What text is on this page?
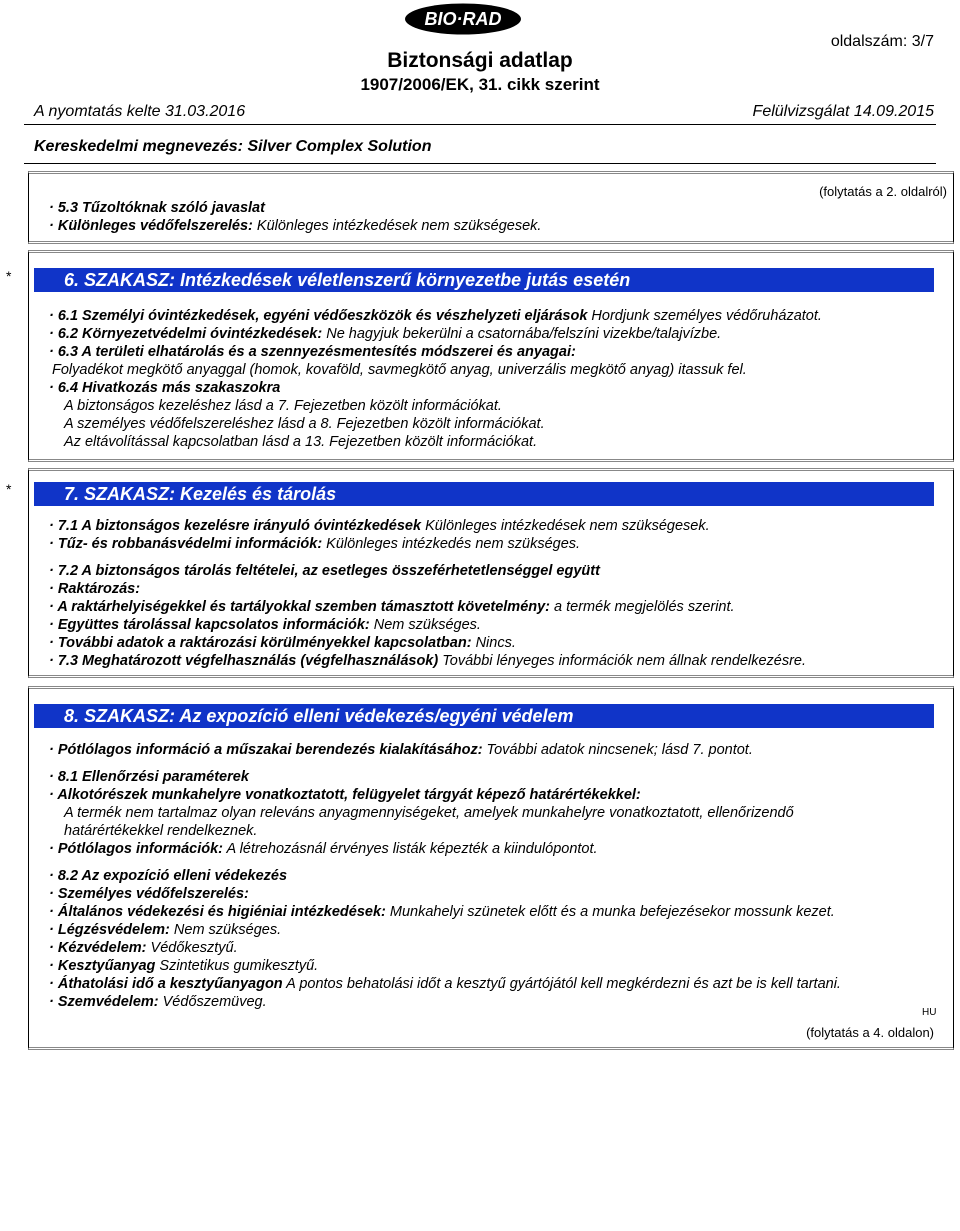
BIO·RAD
oldalszám: 3/7
Biztonsági adatlap
1907/2006/EK, 31. cikk szerint
A nyomtatás kelte 31.03.2016	Felülvizsgálat 14.09.2015
Kereskedelmi megnevezés: Silver Complex Solution
(folytatás a 2. oldalról)
· 5.3 Tűzoltóknak szóló javaslat
· Különleges védőfelszerelés: Különleges intézkedések nem szükségesek.
*	6. SZAKASZ: Intézkedések véletlenszerű környezetbe jutás esetén
· 6.1 Személyi óvintézkedések, egyéni védőeszközök és vészhelyzeti eljárások Hordjunk személyes védőruházatot.
· 6.2 Környezetvédelmi óvintézkedések: Ne hagyjuk bekerülni a csatornába/felszíni vizekbe/talajvízbe.
· 6.3 A területi elhatárolás és a szennyezésmentesítés módszerei és anyagai:
Folyadékot megkötő anyaggal (homok, kovaföld, savmegkötő anyag, univerzális megkötő anyag) itassuk fel.
· 6.4 Hivatkozás más szakaszokra
A biztonságos kezeléshez lásd a 7. Fejezetben közölt információkat.
A személyes védőfelszereléshez lásd a 8. Fejezetben közölt információkat.
Az eltávolítással kapcsolatban lásd a 13. Fejezetben közölt információkat.
*	7. SZAKASZ: Kezelés és tárolás
· 7.1 A biztonságos kezelésre irányuló óvintézkedések Különleges intézkedések nem szükségesek.
· Tűz- és robbanásvédelmi információk: Különleges intézkedés nem szükséges.
· 7.2 A biztonságos tárolás feltételei, az esetleges összeférhetetlenséggel együtt
· Raktározás:
· A raktárhelyiségekkel és tartályokkal szemben támasztott követelmény: a termék megjelölés szerint.
· Együttes tárolással kapcsolatos információk: Nem szükséges.
· További adatok a raktározási körülményekkel kapcsolatban: Nincs.
· 7.3 Meghatározott végfelhasználás (végfelhasználások) További lényeges információk nem állnak rendelkezésre.
8. SZAKASZ: Az expozíció elleni védekezés/egyéni védelem
· Pótlólagos információ a műszakai berendezés kialakításához: További adatok nincsenek; lásd 7. pontot.
· 8.1 Ellenőrzési paraméterek
· Alkotórészek munkahelyre vonatkoztatott, felügyelet tárgyát képező határértékekkel:
A termék nem tartalmaz olyan releváns anyagmennyiségeket, amelyek munkahelyre vonatkoztatott, ellenőrizendő
határértékekkel rendelkeznek.
· Pótlólagos információk: A létrehozásnál érvényes listák képezték a kiindulópontot.
· 8.2 Az expozíció elleni védekezés
· Személyes védőfelszerelés:
· Általános védekezési és higiéniai intézkedések: Munkahelyi szünetek előtt és a munka befejezésekor mossunk kezet.
· Légzésvédelem: Nem szükséges.
· Kézvédelem: Védőkesztyű.
· Kesztyűanyag Szintetikus gumikesztyű.
· Áthatolási idő a kesztyűanyagon A pontos behatolási időt a kesztyű gyártójától kell megkérdezni és azt be is kell tartani.
· Szemvédelem: Védőszemüveg.
HU
(folytatás a 4. oldalon)
